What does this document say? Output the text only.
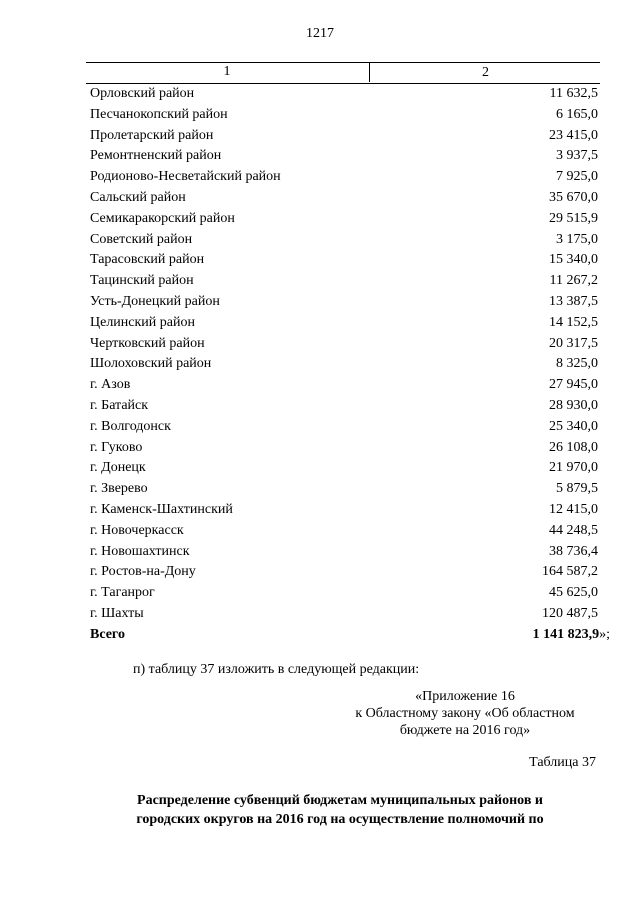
1217
1	2
Орловский район	11 632,5
Песчанокопский район	6 165,0
Пролетарский район	23 415,0
Ремонтненский район	3 937,5
Родионово-Несветайский район	7 925,0
Сальский район	35 670,0
Семикаракорский район	29 515,9
Советский район	3 175,0
Тарасовский район	15 340,0
Тацинский район	11 267,2
Усть-Донецкий район	13 387,5
Целинский район	14 152,5
Чертковский район	20 317,5
Шолоховский район	8 325,0
г. Азов	27 945,0
г. Батайск	28 930,0
г. Волгодонск	25 340,0
г. Гуково	26 108,0
г. Донецк	21 970,0
г. Зверево	5 879,5
г. Каменск-Шахтинский	12 415,0
г. Новочеркасск	44 248,5
г. Новошахтинск	38 736,4
г. Ростов-на-Дону	164 587,2
г. Таганрог	45 625,0
г. Шахты	120 487,5
Всего	1 141 823,9»;
п) таблицу 37 изложить в следующей редакции:
«Приложение 16
к Областному закону «Об областном
бюджете на 2016 год»
Таблица 37
Распределение субвенций бюджетам муниципальных районов и
городских округов на 2016 год на осуществление полномочий по
